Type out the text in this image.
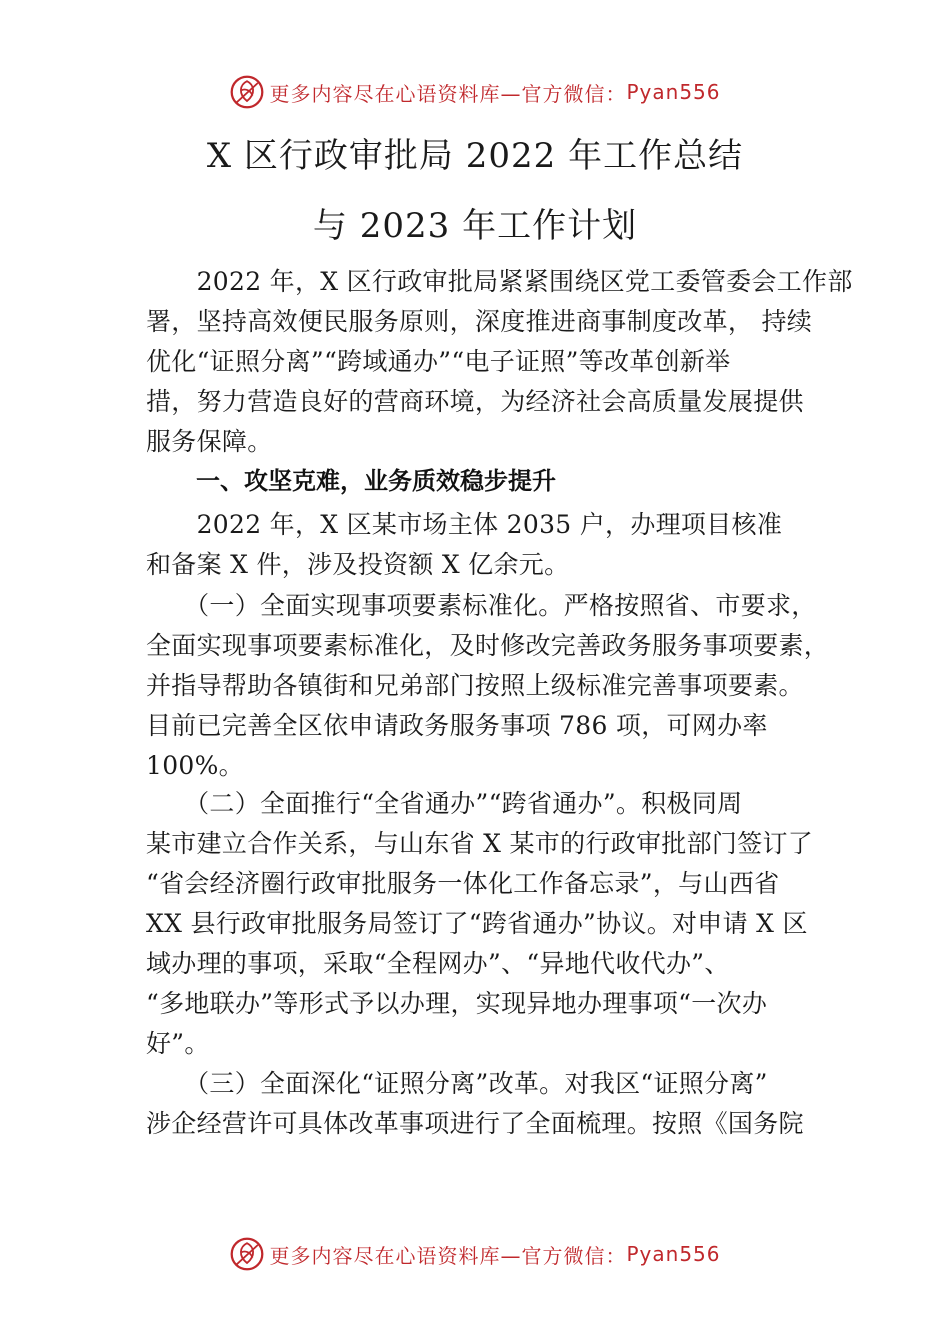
更多内容尽在心语资料库—官方微信： Pyan556
X 区行政审批局 2022 年工作总结
与 2023 年工作计划
　　2022 年，X 区行政审批局紧紧围绕区党工委管委会工作部
署，坚持高效便民服务原则，深度推进商事制度改革， 持续
优化“证照分离”“跨域通办”“电子证照”等改革创新举
措，努力营造良好的营商环境，为经济社会高质量发展提供
服务保障。
一、攻坚克难，业务质效稳步提升
　　2022 年，X 区某市场主体 2035 户，办理项目核准
和备案 X 件，涉及投资额 X 亿余元。
　　（一）全面实现事项要素标准化。严格按照省、市要求，
全面实现事项要素标准化，及时修改完善政务服务事项要素，
并指导帮助各镇街和兄弟部门按照上级标准完善事项要素。
目前已完善全区依申请政务服务事项 786 项，可网办率
100%。
　　（二）全面推行“全省通办”“跨省通办”。积极同周
某市建立合作关系，与山东省 X 某市的行政审批部门签订了
“省会经济圈行政审批服务一体化工作备忘录”，与山西省
XX 县行政审批服务局签订了“跨省通办”协议。对申请 X 区
域办理的事项，采取“全程网办”、“异地代收代办”、
“多地联办”等形式予以办理，实现异地办理事项“一次办
好”。
　　（三）全面深化“证照分离”改革。对我区“证照分离”
涉企经营许可具体改革事项进行了全面梳理。按照《国务院
更多内容尽在心语资料库—官方微信： Pyan556
